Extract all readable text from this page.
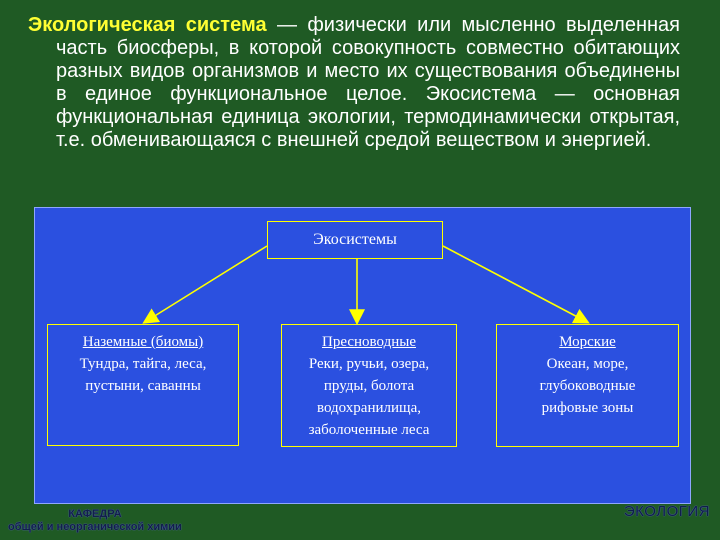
Экологическая система — физически или мысленно выделенная часть биосферы, в которой совокупность совместно обитающих разных видов организмов и место их существования объединены в единое функциональное целое. Экосистема — основная функциональная единица экологии, термодинамически открытая, т.е. обменивающаяся с внешней средой веществом и энергией.

Экосистемы
Наземные (биомы)
Тундра, тайга, леса,
пустыни, саванны
Пресноводные
Реки, ручьи, озера,
пруды, болота
водохранилища,
заболоченные леса
Морские
Океан, море,
глубоководные
рифовые зоны
КАФЕДРА
общей и неорганической химии
ЭКОЛОГИЯ
